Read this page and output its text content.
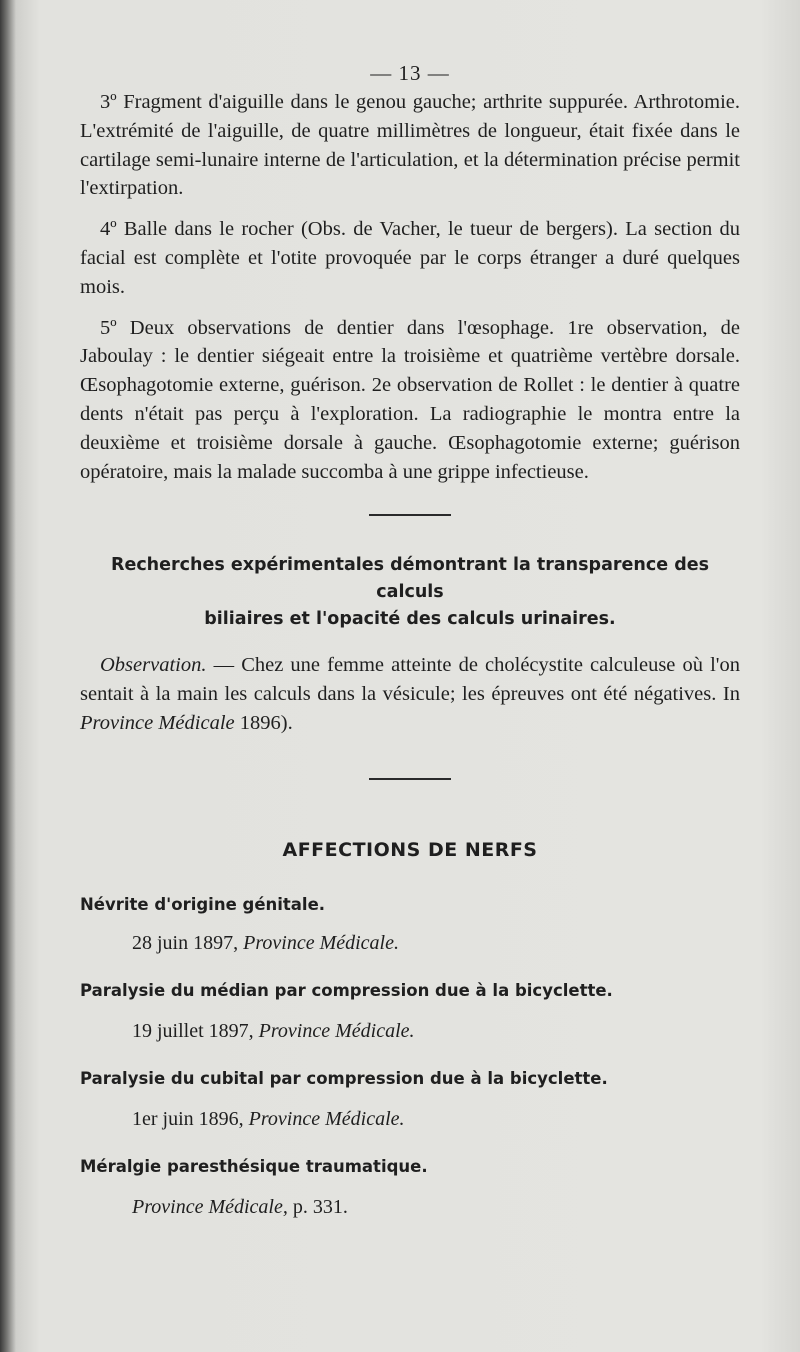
— 13 —

3º Fragment d'aiguille dans le genou gauche; arthrite suppurée. Arthrotomie. L'extrémité de l'aiguille, de quatre millimètres de longueur, était fixée dans le cartilage semi-lunaire interne de l'articulation, et la détermination précise permit l'extirpation.

4º Balle dans le rocher (Obs. de Vacher, le tueur de bergers). La section du facial est complète et l'otite provoquée par le corps étranger a duré quelques mois.

5º Deux observations de dentier dans l'œsophage. 1re observation, de Jaboulay : le dentier siégeait entre la troisième et quatrième vertèbre dorsale. Œsophagotomie externe, guérison. 2e observation de Rollet : le dentier à quatre dents n'était pas perçu à l'exploration. La radiographie le montra entre la deuxième et troisième dorsale à gauche. Œsophagotomie externe; guérison opératoire, mais la malade succomba à une grippe infectieuse.

Recherches expérimentales démontrant la transparence des calculs
biliaires et l'opacité des calculs urinaires.

Observation. — Chez une femme atteinte de cholécystite calculeuse où l'on sentait à la main les calculs dans la vésicule; les épreuves ont été négatives. In Province Médicale 1896).

AFFECTIONS DE NERFS
Névrite d'origine génitale.
28 juin 1897, Province Médicale.
Paralysie du médian par compression due à la bicyclette.
19 juillet 1897, Province Médicale.
Paralysie du cubital par compression due à la bicyclette.
1er juin 1896, Province Médicale.
Méralgie paresthésique traumatique.
Province Médicale, p. 331.
